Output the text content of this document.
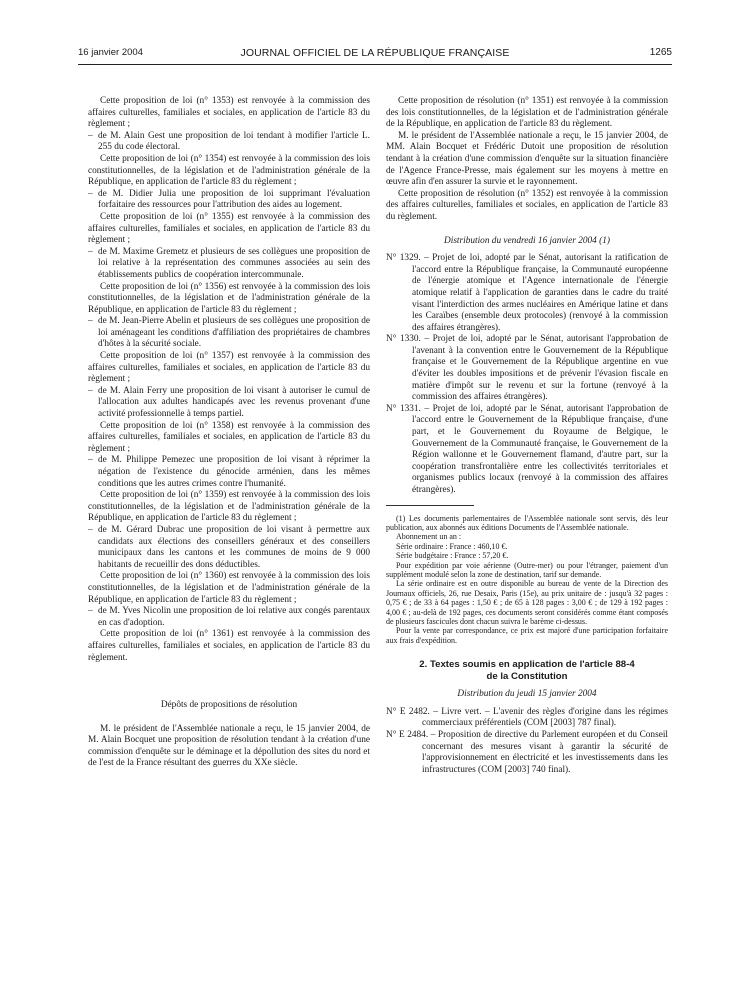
JOURNAL OFFICIEL DE LA RÉPUBLIQUE FRANÇAISE
16 janvier 2004	1265

Cette proposition de loi (n° 1353) est renvoyée à la commission des affaires culturelles, familiales et sociales, en application de l'article 83 du règlement ;

– de M. Alain Gest une proposition de loi tendant à modifier l'article L. 255 du code électoral.

Cette proposition de loi (n° 1354) est renvoyée à la commission des lois constitutionnelles, de la législation et de l'administration générale de la République, en application de l'article 83 du règlement ;

– de M. Didier Julia une proposition de loi supprimant l'évaluation forfaitaire des ressources pour l'attribution des aides au logement.

Cette proposition de loi (n° 1355) est renvoyée à la commission des affaires culturelles, familiales et sociales, en application de l'article 83 du règlement ;

– de M. Maxime Gremetz et plusieurs de ses collègues une proposition de loi relative à la représentation des communes associées au sein des établissements publics de coopération intercommunale.

Cette proposition de loi (n° 1356) est renvoyée à la commission des lois constitutionnelles, de la législation et de l'administration générale de la République, en application de l'article 83 du règlement ;

– de M. Jean-Pierre Abelin et plusieurs de ses collègues une proposition de loi aménageant les conditions d'affiliation des propriétaires de chambres d'hôtes à la sécurité sociale.

Cette proposition de loi (n° 1357) est renvoyée à la commission des affaires culturelles, familiales et sociales, en application de l'article 83 du règlement ;

– de M. Alain Ferry une proposition de loi visant à autoriser le cumul de l'allocation aux adultes handicapés avec les revenus provenant d'une activité professionnelle à temps partiel.

Cette proposition de loi (n° 1358) est renvoyée à la commission des affaires culturelles, familiales et sociales, en application de l'article 83 du règlement ;

– de M. Philippe Pemezec une proposition de loi visant à réprimer la négation de l'existence du génocide arménien, dans les mêmes conditions que les autres crimes contre l'humanité.

Cette proposition de loi (n° 1359) est renvoyée à la commission des lois constitutionnelles, de la législation et de l'administration générale de la République, en application de l'article 83 du règlement ;

– de M. Gérard Dubrac une proposition de loi visant à permettre aux candidats aux élections des conseillers généraux et des conseillers municipaux dans les cantons et les communes de moins de 9 000 habitants de recueillir des dons déductibles.

Cette proposition de loi (n° 1360) est renvoyée à la commission des lois constitutionnelles, de la législation et de l'administration générale de la République, en application de l'article 83 du règlement ;

– de M. Yves Nicolin une proposition de loi relative aux congés parentaux en cas d'adoption.

Cette proposition de loi (n° 1361) est renvoyée à la commission des affaires culturelles, familiales et sociales, en application de l'article 83 du règlement.

Dépôts de propositions de résolution

M. le président de l'Assemblée nationale a reçu, le 15 janvier 2004, de M. Alain Bocquet une proposition de résolution tendant à la création d'une commission d'enquête sur le déminage et la dépollution des sites du nord et de l'est de la France résultant des guerres du XXe siècle.

Cette proposition de résolution (n° 1351) est renvoyée à la commission des lois constitutionnelles, de la législation et de l'administration générale de la République, en application de l'article 83 du règlement.

M. le président de l'Assemblée nationale a reçu, le 15 janvier 2004, de MM. Alain Bocquet et Frédéric Dutoit une proposition de résolution tendant à la création d'une commission d'enquête sur la situation financière de l'Agence France-Presse, mais également sur les moyens à mettre en œuvre afin d'en assurer la survie et le rayonnement.

Cette proposition de résolution (n° 1352) est renvoyée à la commission des affaires culturelles, familiales et sociales, en application de l'article 83 du règlement.

Distribution du vendredi 16 janvier 2004 (1)

N° 1329. – Projet de loi, adopté par le Sénat, autorisant la ratification de l'accord entre la République française, la Communauté européenne de l'énergie atomique et l'Agence internationale de l'énergie atomique relatif à l'application de garanties dans le cadre du traité visant l'interdiction des armes nucléaires en Amérique latine et dans les Caraïbes (ensemble deux protocoles) (renvoyé à la commission des affaires étrangères).

N° 1330. – Projet de loi, adopté par le Sénat, autorisant l'approbation de l'avenant à la convention entre le Gouvernement de la République française et le Gouvernement de la République argentine en vue d'éviter les doubles impositions et de prévenir l'évasion fiscale en matière d'impôt sur le revenu et sur la fortune (renvoyé à la commission des affaires étrangères).

N° 1331. – Projet de loi, adopté par le Sénat, autorisant l'approbation de l'accord entre le Gouvernement de la République française, d'une part, et le Gouvernement du Royaume de Belgique, le Gouvernement de la Communauté française, le Gouvernement de la Région wallonne et le Gouvernement flamand, d'autre part, sur la coopération transfrontalière entre les collectivités territoriales et organismes publics locaux (renvoyé à la commission des affaires étrangères).

(1) Les documents parlementaires de l'Assemblée nationale sont servis, dès leur publication, aux abonnés aux éditions Documents de l'Assemblée nationale.

Abonnement un an :

Série ordinaire : France : 460,10 €.

Série budgétaire : France : 57,20 €.

Pour expédition par voie aérienne (Outre-mer) ou pour l'étranger, paiement d'un supplément modulé selon la zone de destination, tarif sur demande.

La série ordinaire est en outre disponible au bureau de vente de la Direction des Journaux officiels, 26, rue Desaix, Paris (15e), au prix unitaire de : jusqu'à 32 pages : 0,75 € ; de 33 à 64 pages : 1,50 € ; de 65 à 128 pages : 3,00 € ; de 129 à 192 pages : 4,00 € ; au-delà de 192 pages, ces documents seront considérés comme étant composés de plusieurs fascicules dont chacun suivra le barème ci-dessus.

Pour la vente par correspondance, ce prix est majoré d'une participation forfaitaire aux frais d'expédition.

2. Textes soumis en application de l'article 88-4

de la Constitution

Distribution du jeudi 15 janvier 2004

N° E 2482. – Livre vert. – L'avenir des règles d'origine dans les régimes commerciaux préférentiels (COM [2003] 787 final).

N° E 2484. – Proposition de directive du Parlement européen et du Conseil concernant des mesures visant à garantir la sécurité de l'approvisionnement en électricité et les investissements dans les infrastructures (COM [2003] 740 final).
